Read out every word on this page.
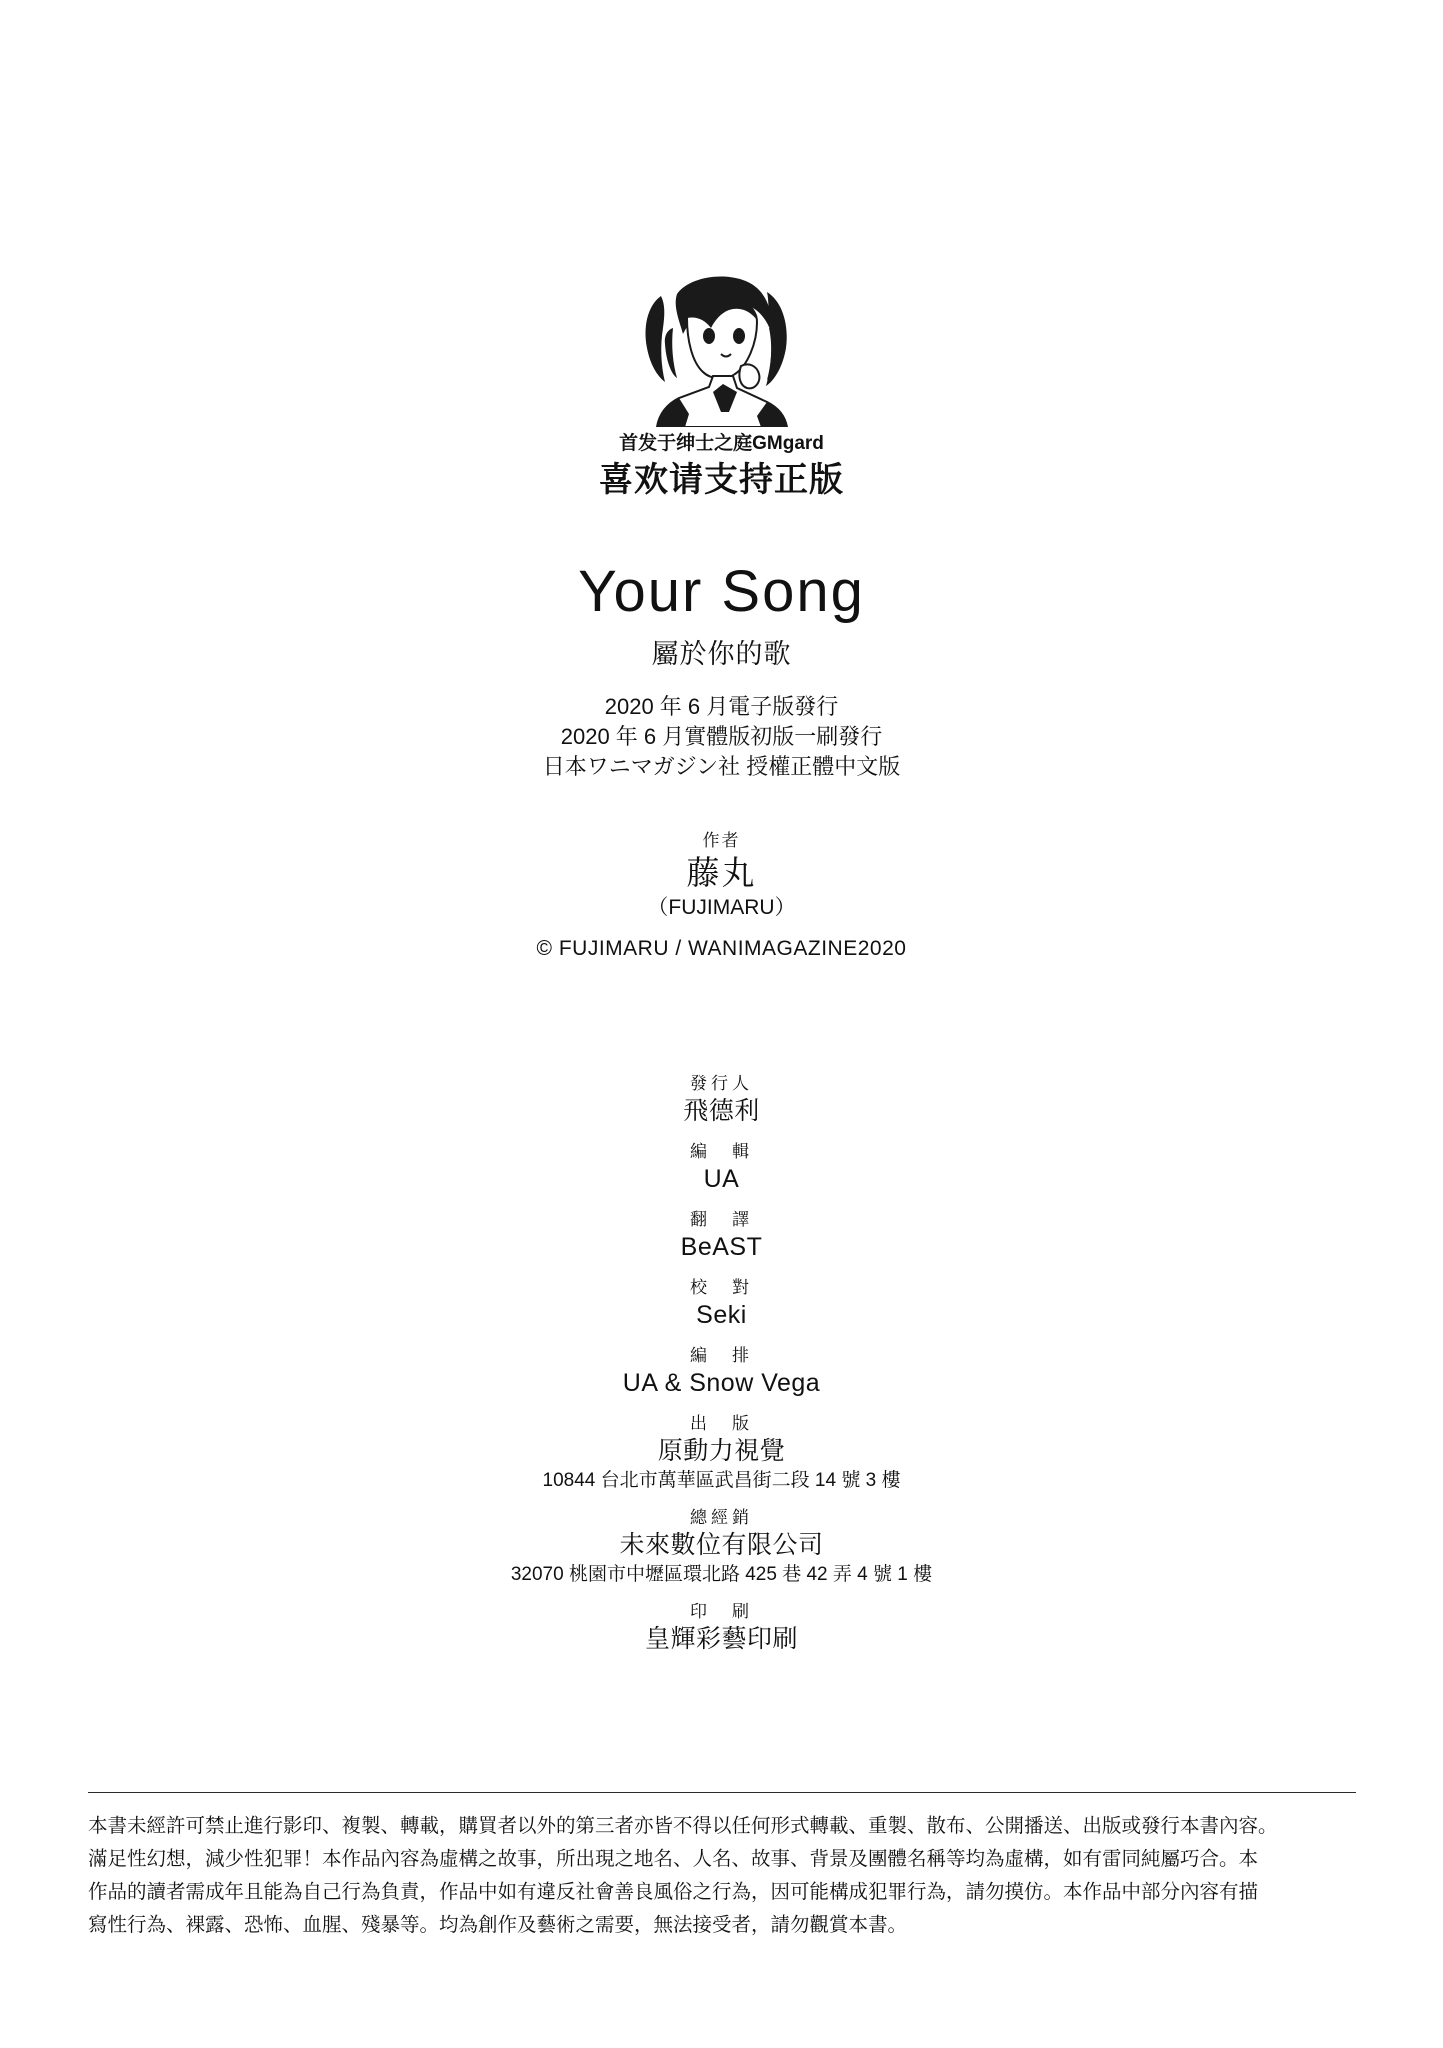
首发于绅士之庭GMgard
喜欢请支持正版
Your Song
屬於你的歌
2020 年 6 月電子版發行
2020 年 6 月實體版初版一刷發行
日本ワニマガジン社 授權正體中文版
作者
藤丸
（FUJIMARU）
© FUJIMARU / WANIMAGAZINE2020
發行人
飛德利
編　輯
UA
翻　譯
BeAST
校　對
Seki
編　排
UA & Snow Vega
出　版
原動力視覺
10844 台北市萬華區武昌街二段 14 號 3 樓
總經銷
未來數位有限公司
32070 桃園市中壢區環北路 425 巷 42 弄 4 號 1 樓
印　刷
皇輝彩藝印刷

本書未經許可禁止進行影印、複製、轉載，購買者以外的第三者亦皆不得以任何形式轉載、重製、散布、公開播送、出版或發行本書內容。

滿足性幻想，減少性犯罪！本作品內容為虛構之故事，所出現之地名、人名、故事、背景及團體名稱等均為虛構，如有雷同純屬巧合。本

作品的讀者需成年且能為自己行為負責，作品中如有違反社會善良風俗之行為，因可能構成犯罪行為，請勿摸仿。本作品中部分內容有描

寫性行為、裸露、恐怖、血腥、殘暴等。均為創作及藝術之需要，無法接受者，請勿觀賞本書。
